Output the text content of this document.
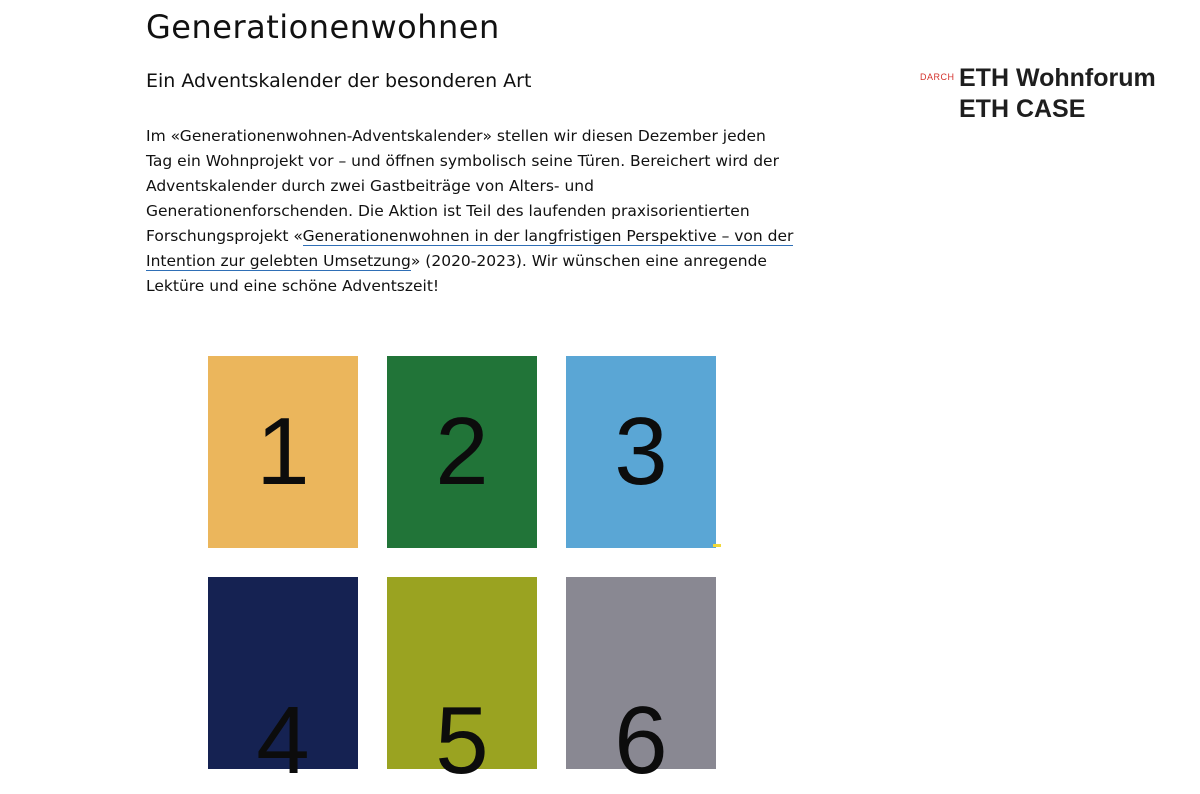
Generationenwohnen
Ein Adventskalender der besonderen Art

Im «Generationenwohnen-Adventskalender» stellen wir diesen Dezember jeden Tag ein Wohnprojekt vor – und öffnen symbolisch seine Türen. Bereichert wird der Adventskalender durch zwei Gastbeiträge von Alters- und Generationenforschenden. Die Aktion ist Teil des laufenden praxisorientierten Forschungsprojekt «Generationenwohnen in der langfristigen Perspektive – von der Intention zur gelebten Umsetzung» (2020-2023). Wir wünschen eine anregende Lektüre und eine schöne Adventszeit!

DARCH ETH Wohnforum
ETH CASE
1 2 3
4 5 6
